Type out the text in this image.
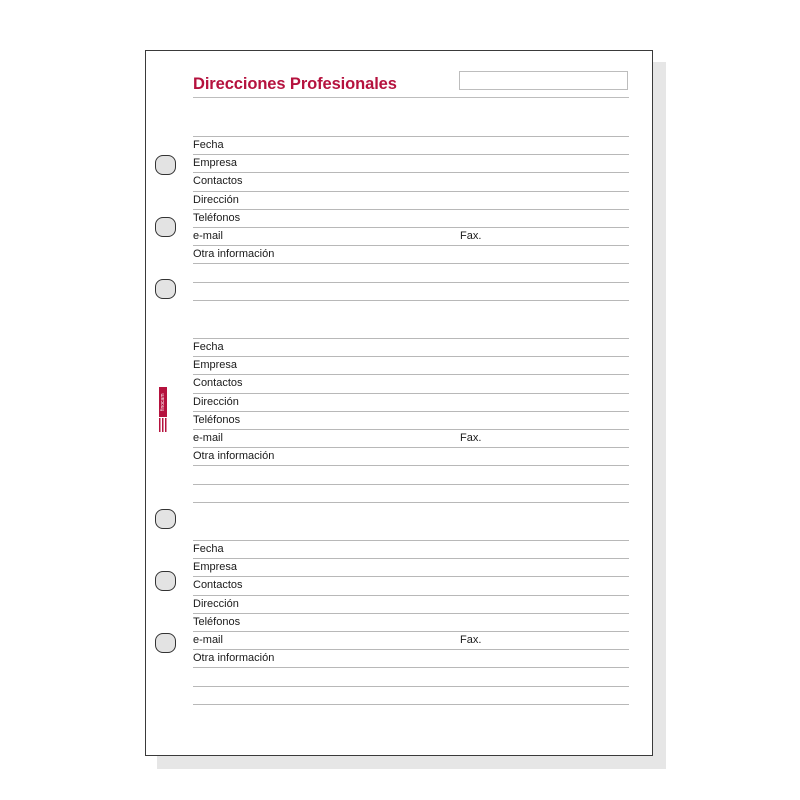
Direcciones Profesionales
finocam
Fecha
Empresa
Contactos
Dirección
Teléfonos
e-mail
Otra información
Fax.
Fecha
Empresa
Contactos
Dirección
Teléfonos
e-mail
Otra información
Fax.
Fecha
Empresa
Contactos
Dirección
Teléfonos
e-mail
Otra información
Fax.
